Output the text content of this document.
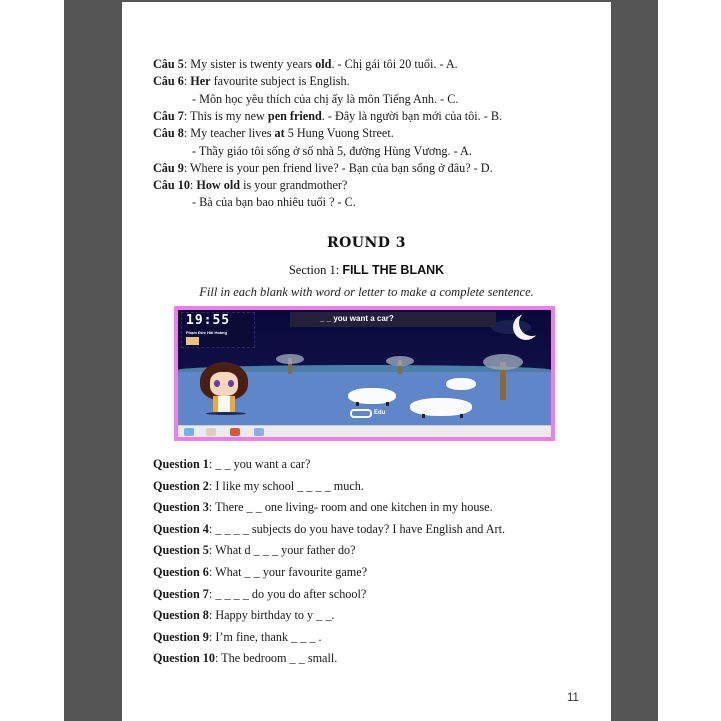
Câu 5: My sister is twenty years old. - Chị gái tôi 20 tuổi. - A.
Câu 6: Her favourite subject is English.
- Môn học yêu thích của chị ấy là môn Tiếng Anh. - C.
Câu 7: This is my new pen friend. - Đây là người bạn mới của tôi. - B.
Câu 8: My teacher lives at 5 Hung Vuong Street.
- Thầy giáo tôi sống ở số nhà 5, đường Hùng Vương. - A.
Câu 9: Where is your pen friend live? - Bạn của bạn sống ở đâu? - D.
Câu 10: How old is your grandmother?
- Bà của bạn bao nhiêu tuổi ? - C.
ROUND 3
Section 1: FILL THE BLANK
Fill in each blank with word or letter to make a complete sentence.
19:55
Phạm Đức Hải Hoàng
_ _ you want a car?
Edu
Question 1: _ _ you want a car?
Question 2: I like my school _ _ _ _ much.
Question 3: There _ _ one living- room and one kitchen in my house.
Question 4: _ _ _ _ subjects do you have today? I have English and Art.
Question 5: What d _ _ _ your father do?
Question 6: What _ _ your favourite game?
Question 7: _ _ _ _ do you do after school?
Question 8: Happy birthday to y _ _.
Question 9: I’m fine, thank _ _ _ .
Question 10: The bedroom _ _ small.
11
